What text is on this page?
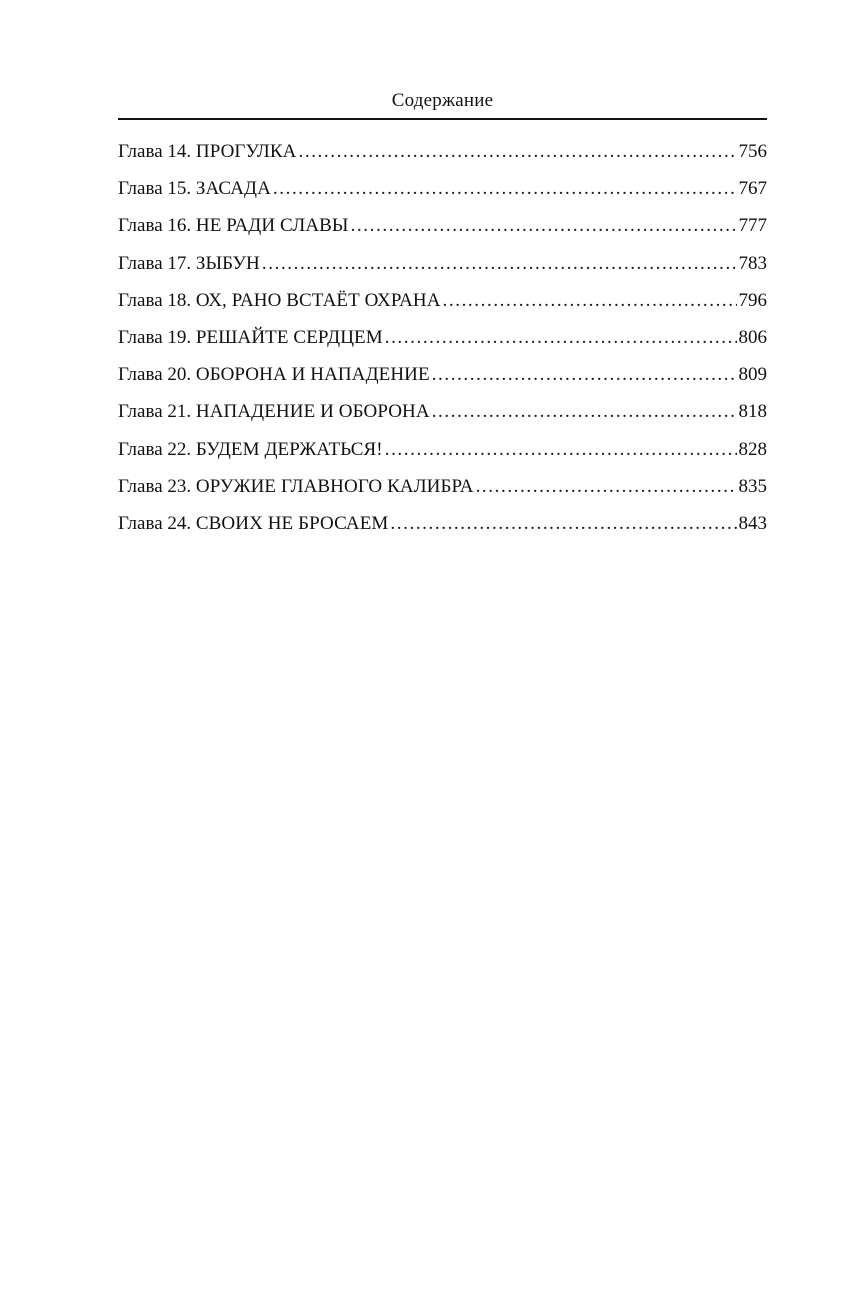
Содержание
Глава 14.
ПРОГУЛКА .....	756
Глава 15.
ЗАСАДА .....	767
Глава 16.
НЕ РАДИ СЛАВЫ .....	777
Глава 17.
ЗЫБУН .....	783
Глава 18.
ОХ, РАНО ВСТАЁТ ОХРАНА .....	796
Глава 19.
РЕШАЙТЕ СЕРДЦЕМ .....	806
Глава 20.
ОБОРОНА И НАПАДЕНИЕ .....	809
Глава 21.
НАПАДЕНИЕ И ОБОРОНА .....	818
Глава 22.
БУДЕМ ДЕРЖАТЬСЯ! .....	828
Глава 23.
ОРУЖИЕ ГЛАВНОГО КАЛИБРА .....	835
Глава 24.
СВОИХ НЕ БРОСАЕМ .....	843
